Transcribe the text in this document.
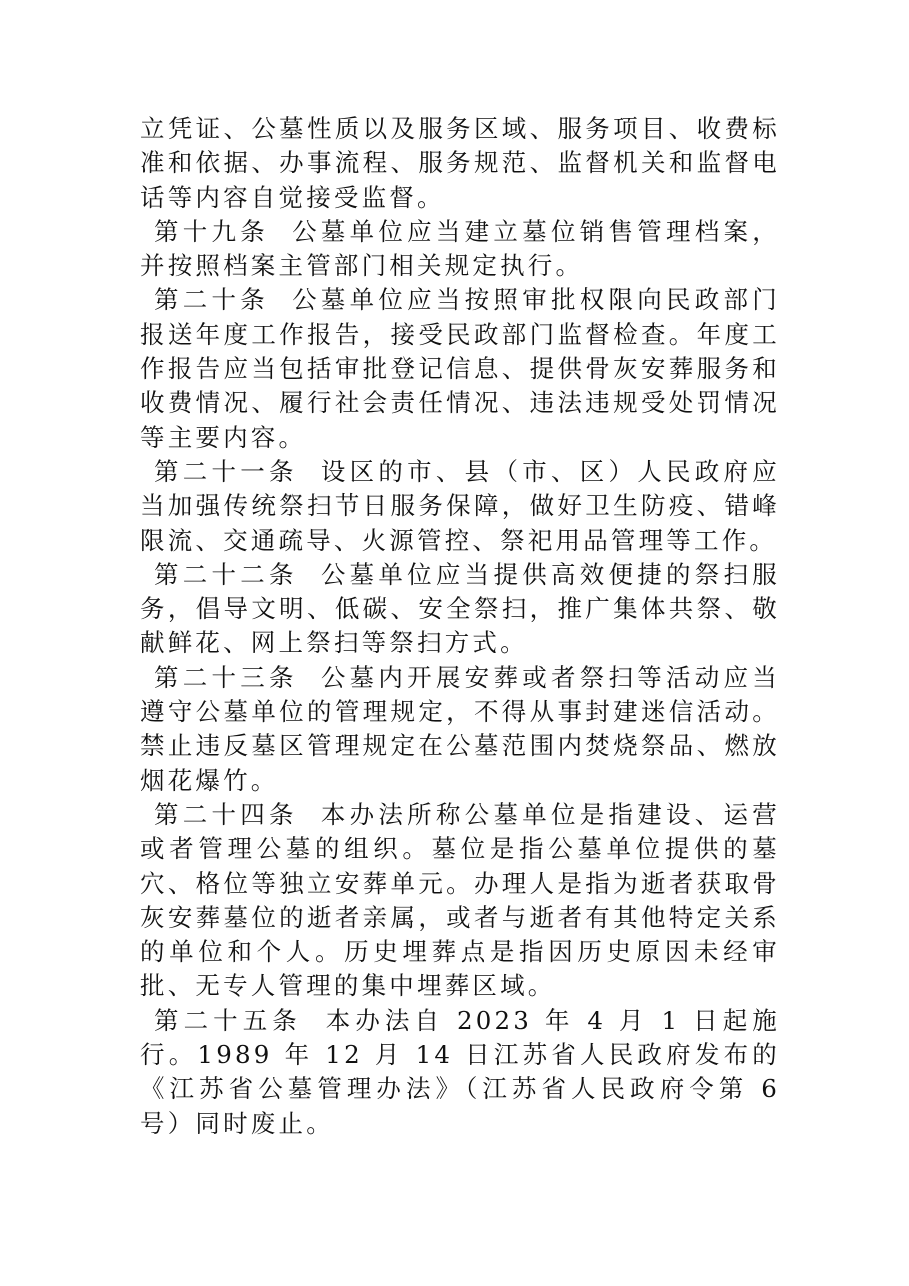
立凭证、公墓性质以及服务区域、服务项目、收费标准和依据、办事流程、服务规范、监督机关和监督电话等内容自觉接受监督。

第十九条 公墓单位应当建立墓位销售管理档案，并按照档案主管部门相关规定执行。

第二十条 公墓单位应当按照审批权限向民政部门报送年度工作报告，接受民政部门监督检查。年度工作报告应当包括审批登记信息、提供骨灰安葬服务和收费情况、履行社会责任情况、违法违规受处罚情况等主要内容。

第二十一条 设区的市、县（市、区）人民政府应当加强传统祭扫节日服务保障，做好卫生防疫、错峰限流、交通疏导、火源管控、祭祀用品管理等工作。

第二十二条 公墓单位应当提供高效便捷的祭扫服务，倡导文明、低碳、安全祭扫，推广集体共祭、敬献鲜花、网上祭扫等祭扫方式。

第二十三条 公墓内开展安葬或者祭扫等活动应当遵守公墓单位的管理规定，不得从事封建迷信活动。禁止违反墓区管理规定在公墓范围内焚烧祭品、燃放烟花爆竹。

第二十四条 本办法所称公墓单位是指建设、运营或者管理公墓的组织。墓位是指公墓单位提供的墓穴、格位等独立安葬单元。办理人是指为逝者获取骨灰安葬墓位的逝者亲属，或者与逝者有其他特定关系的单位和个人。历史埋葬点是指因历史原因未经审批、无专人管理的集中埋葬区域。

第二十五条 本办法自 2023 年 4 月 1 日起施行。1989 年 12 月 14 日江苏省人民政府发布的《江苏省公墓管理办法》（江苏省人民政府令第 6 号）同时废止。
